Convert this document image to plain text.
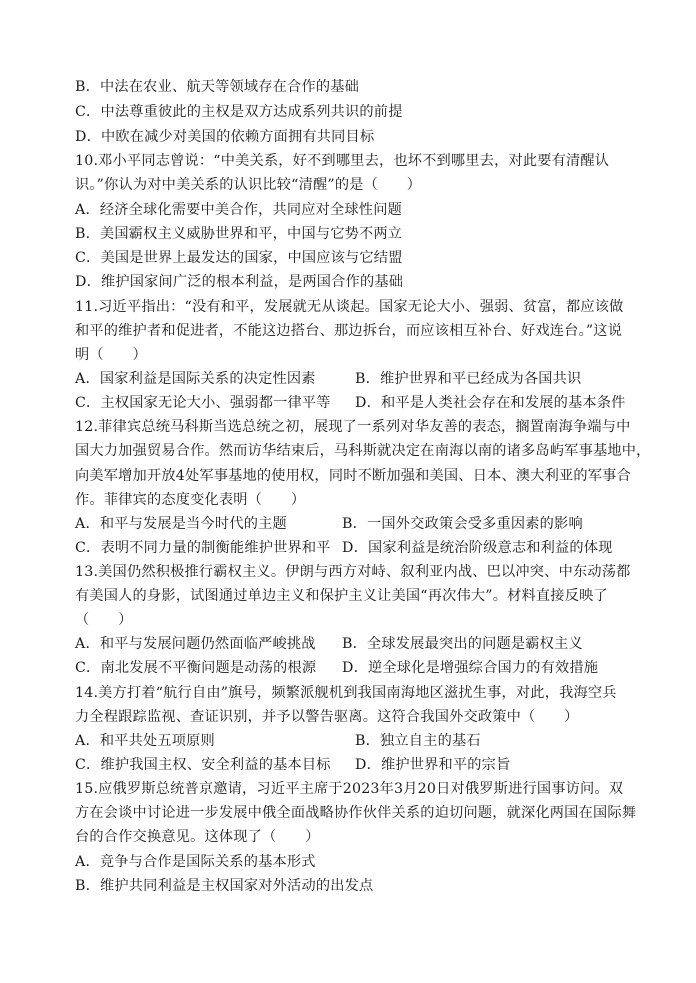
B．中法在农业、航天等领域存在合作的基础
C．中法尊重彼此的主权是双方达成系列共识的前提
D．中欧在减少对美国的依赖方面拥有共同目标
10.邓小平同志曾说：“中美关系，好不到哪里去，也坏不到哪里去，对此要有清醒认
识。”你认为对中美关系的认识比较“清醒”的是（　　）
A．经济全球化需要中美合作，共同应对全球性问题
B．美国霸权主义威胁世界和平，中国与它势不两立
C．美国是世界上最发达的国家，中国应该与它结盟
D．维护国家间广泛的根本利益，是两国合作的基础
11.习近平指出：“没有和平，发展就无从谈起。国家无论大小、强弱、贫富，都应该做
和平的维护者和促进者，不能这边搭台、那边拆台，而应该相互补台、好戏连台。”这说
明（　　）
A．国家利益是国际关系的决定性因素	B．维护世界和平已经成为各国共识
C．主权国家无论大小、强弱都一律平等 D．和平是人类社会存在和发展的基本条件
12.菲律宾总统马科斯当选总统之初，展现了一系列对华友善的表态，搁置南海争端与中
国大力加强贸易合作。然而访华结束后，马科斯就决定在南海以南的诸多岛屿军事基地中，
向美军增加开放4处军事基地的使用权，同时不断加强和美国、日本、澳大利亚的军事合
作。菲律宾的态度变化表明（　　）
A．和平与发展是当今时代的主题	B．一国外交政策会受多重因素的影响
C．表明不同力量的制衡能维护世界和平 D．国家利益是统治阶级意志和利益的体现
13.美国仍然积极推行霸权主义。伊朗与西方对峙、叙利亚内战、巴以冲突、中东动荡都
有美国人的身影，试图通过单边主义和保护主义让美国“再次伟大”。材料直接反映了
（　　）
A．和平与发展问题仍然面临严峻挑战 B．全球发展最突出的问题是霸权主义
C．南北发展不平衡问题是动荡的根源 D．逆全球化是增强综合国力的有效措施
14.美方打着“航行自由”旗号，频繁派舰机到我国南海地区滋扰生事，对此，我海空兵
力全程跟踪监视、查证识别，并予以警告驱离。这符合我国外交政策中（　　）
A．和平共处五项原则	B．独立自主的基石
C．维护我国主权、安全利益的基本目标 D．维护世界和平的宗旨
15.应俄罗斯总统普京邀请，习近平主席于2023年3月20日对俄罗斯进行国事访问。双
方在会谈中讨论进一步发展中俄全面战略协作伙伴关系的迫切问题，就深化两国在国际舞
台的合作交换意见。这体现了（　　）
A．竞争与合作是国际关系的基本形式
B．维护共同利益是主权国家对外活动的出发点
